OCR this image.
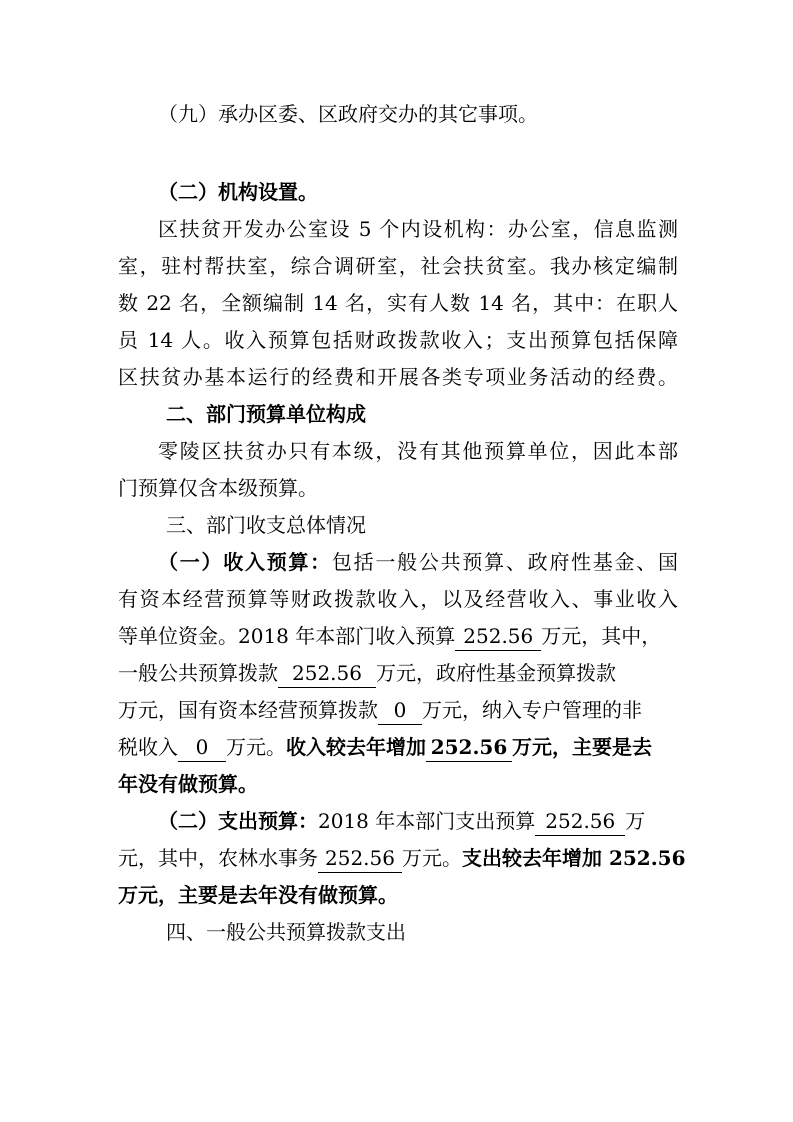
（九）承办区委、区政府交办的其它事项。
（二）机构设置。
区扶贫开发办公室设 5 个内设机构：办公室，信息监测
室，驻村帮扶室，综合调研室，社会扶贫室。我办核定编制
数 22 名，全额编制 14 名，实有人数 14 名，其中：在职人
员 14 人。收入预算包括财政拨款收入；支出预算包括保障
区扶贫办基本运行的经费和开展各类专项业务活动的经费。
二、部门预算单位构成
零陵区扶贫办只有本级，没有其他预算单位，因此本部
门预算仅含本级预算。
三、部门收支总体情况
（一）收入预算：包括一般公共预算、政府性基金、国
有资本经营预算等财政拨款收入，以及经营收入、事业收入
等单位资金。2018 年本部门收入预算 252.56 万元，其中，
一般公共预算拨款 252.56 万元，政府性基金预算拨款
万元，国有资本经营预算拨款 0 万元，纳入专户管理的非
税收入 0 万元。收入较去年增加 252.56 万元，主要是去
年没有做预算。
（二）支出预算：2018 年本部门支出预算 252.56 万
元，其中，农林水事务 252.56 万元。支出较去年增加 252.56
万元，主要是去年没有做预算。
四、一般公共预算拨款支出
